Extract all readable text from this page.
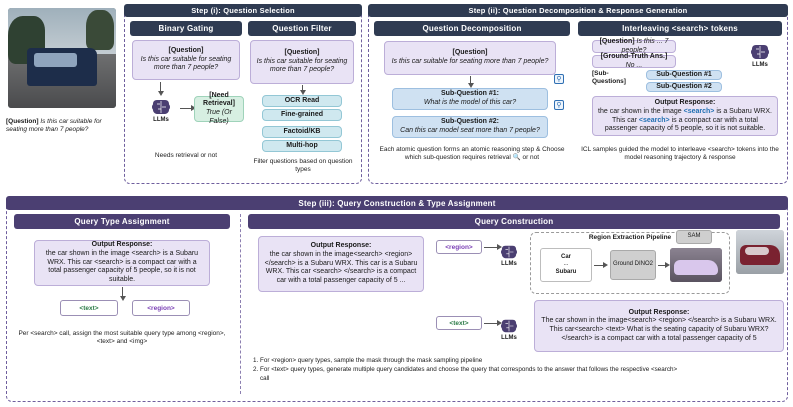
[Question] Is this car suitable for seating more than 7 people?
Step (i): Question Selection
Binary Gating
[Question]
Is this car suitable for seating more than 7 people?
LLMs
[Need Retrieval]
True (Or False)
Needs retrieval or not
Question Filter
[Question]
Is this car suitable for seating more than 7 people?
OCR Read
Fine-grained
Factoid/KB
Multi-hop
Filter questions based on question types
Step (ii): Question Decomposition & Response Generation
Question Decomposition
[Question]
Is this car suitable for seating more than 7 people?
Sub-Question #1:
What is the model of this car?
Sub-Question #2:
Can this car model seat more than 7 people?
⚲
⚲
Each atomic question forms an atomic reasoning step & Choose which sub-question requires retrieval 🔍 or not
Interleaving <search> tokens
[Question] Is this ... 7 people?
[Ground-Truth Ans.] No ...
[Sub-Questions]
Sub-Question #1
Sub-Question #2
LLMs
Output Response:
the car shown in the image <search> is a Subaru WRX. This car <search> is a compact car with a total passenger capacity of 5 people, so it is not suitable.
ICL samples guided the model to interleave <search> tokens into the model reasoning trajectory & response
Step (iii): Query Construction & Type Assignment
Query Type Assignment
Output Response:
the car shown in the image <search> is a Subaru WRX. This car <search> is a compact car with a total passenger capacity of 5 people, so it is not suitable.
<text>	<region>
Per <search> call, assign the most suitable query type among <region>, <text> and <img>
Query Construction
Output Response:
the car shown in the image<search> <region> </search> is a Subaru WRX. This car is a Subaru WRX. This car <search> </search> is a compact car with a total passenger capacity of 5 ...
<region>
LLMs
<text>
LLMs
Region Extraction Pipeline
Car
...
Subaru
Ground DINO2
SAM
Output Response:
The car shown in the image<search> <region> </search> is a Subaru WRX. This car<search> <text> What is the seating capacity of Subaru WRX? </search> is a compact car with a total passenger capacity of 5
1. For <region> query types, sample the mask through the mask sampling pipeline
2. For <text> query types, generate multiple query candidates and choose the query that corresponds to the answer that follows the respective <search> call
